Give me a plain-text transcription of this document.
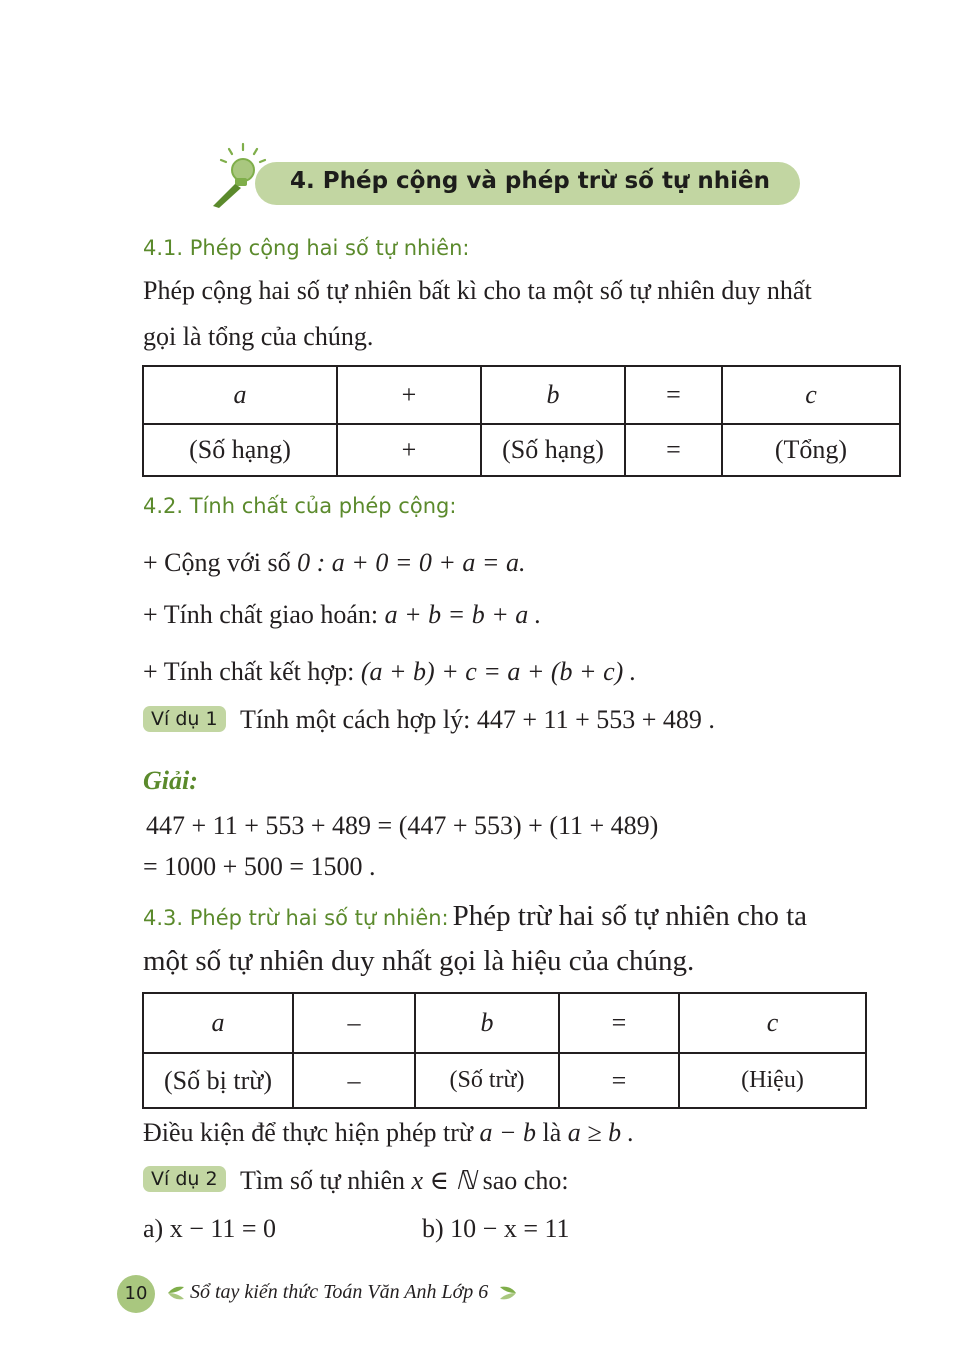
4. Phép cộng và phép trừ số tự nhiên
4.1. Phép cộng hai số tự nhiên:
Phép cộng hai số tự nhiên bất kì cho ta một số tự nhiên duy nhất
gọi là tổng của chúng.
a	+	b	=	c
(Số hạng)	+	(Số hạng)	=	(Tổng)
4.2. Tính chất của phép cộng:
+ Cộng với số 0 : a + 0 = 0 + a = a.
+ Tính chất giao hoán: a + b = b + a .
+ Tính chất kết hợp: (a + b) + c = a + (b + c) .
Ví dụ 1 Tính một cách hợp lý: 447 + 11 + 553 + 489 .
Giải:
447 + 11 + 553 + 489 = (447 + 553) + (11 + 489)
= 1000 + 500 = 1500 .
4.3. Phép trừ hai số tự nhiên: Phép trừ hai số tự nhiên cho ta
một số tự nhiên duy nhất gọi là hiệu của chúng.
a	–	b	=	c
(Số bị trừ)	–	(Số trừ)	=	(Hiệu)
Điều kiện để thực hiện phép trừ a − b là a ≥ b .
Ví dụ 2 Tìm số tự nhiên x ∈ ℕ sao cho:
a) x − 11 = 0	b) 10 − x = 11
10	Sổ tay kiến thức Toán Văn Anh Lớp 6
